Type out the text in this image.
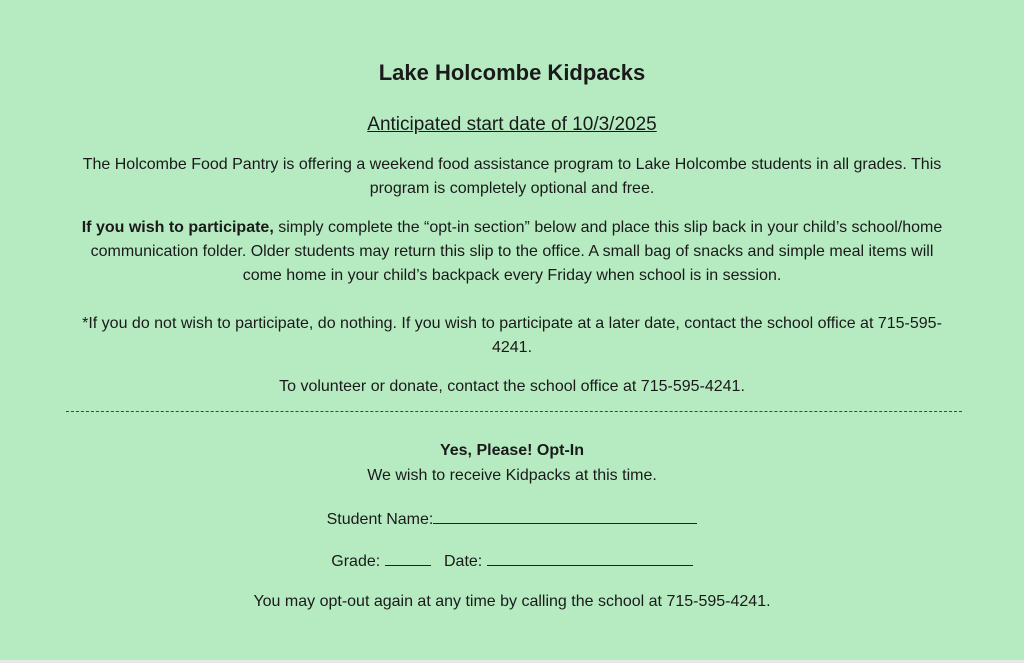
Lake Holcombe Kidpacks
Anticipated start date of 10/3/2025
The Holcombe Food Pantry is offering a weekend food assistance program to Lake Holcombe students in all grades. This program is completely optional and free.
If you wish to participate, simply complete the “opt-in section” below and place this slip back in your child’s school/home communication folder. Older students may return this slip to the office. A small bag of snacks and simple meal items will come home in your child’s backpack every Friday when school is in session.
*If you do not wish to participate, do nothing. If you wish to participate at a later date, contact the school office at 715-595-4241.
To volunteer or donate, contact the school office at 715-595-4241.
Yes, Please! Opt-In
We wish to receive Kidpacks at this time.
Student Name:
Grade:	Date:
You may opt-out again at any time by calling the school at 715-595-4241.
